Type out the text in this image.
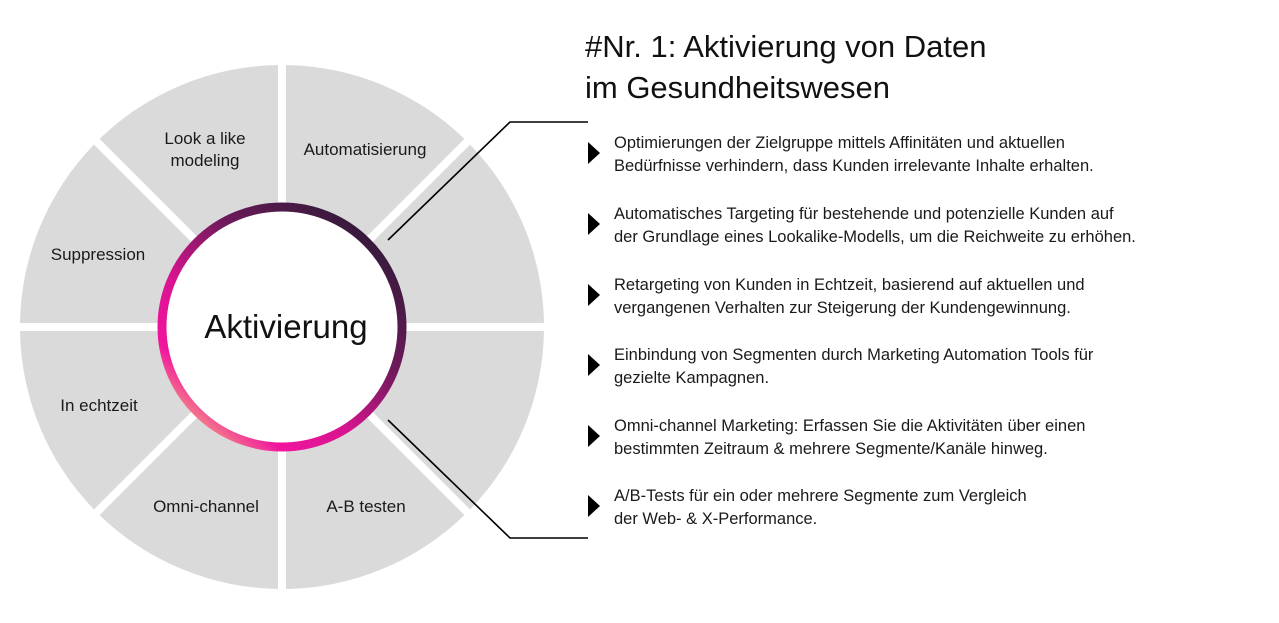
Look a like modeling
Automatisierung
A-B testen
Omni-channel
In echtzeit
Suppression
Aktivierung
#Nr. 1: Aktivierung von Daten
im Gesundheitswesen
Optimierungen der Zielgruppe mittels Affinitäten und aktuellen
Bedürfnisse verhindern, dass Kunden irrelevante Inhalte erhalten.
Automatisches Targeting für bestehende und potenzielle Kunden auf
der Grundlage eines Lookalike-Modells, um die Reichweite zu erhöhen.
Retargeting von Kunden in Echtzeit, basierend auf aktuellen und
vergangenen Verhalten zur Steigerung der Kundengewinnung.
Einbindung von Segmenten durch Marketing Automation Tools für
gezielte Kampagnen.
Omni-channel Marketing: Erfassen Sie die Aktivitäten über einen
bestimmten Zeitraum & mehrere Segmente/Kanäle hinweg.
A/B-Tests für ein oder mehrere Segmente zum Vergleich
der Web- & X-Performance.
